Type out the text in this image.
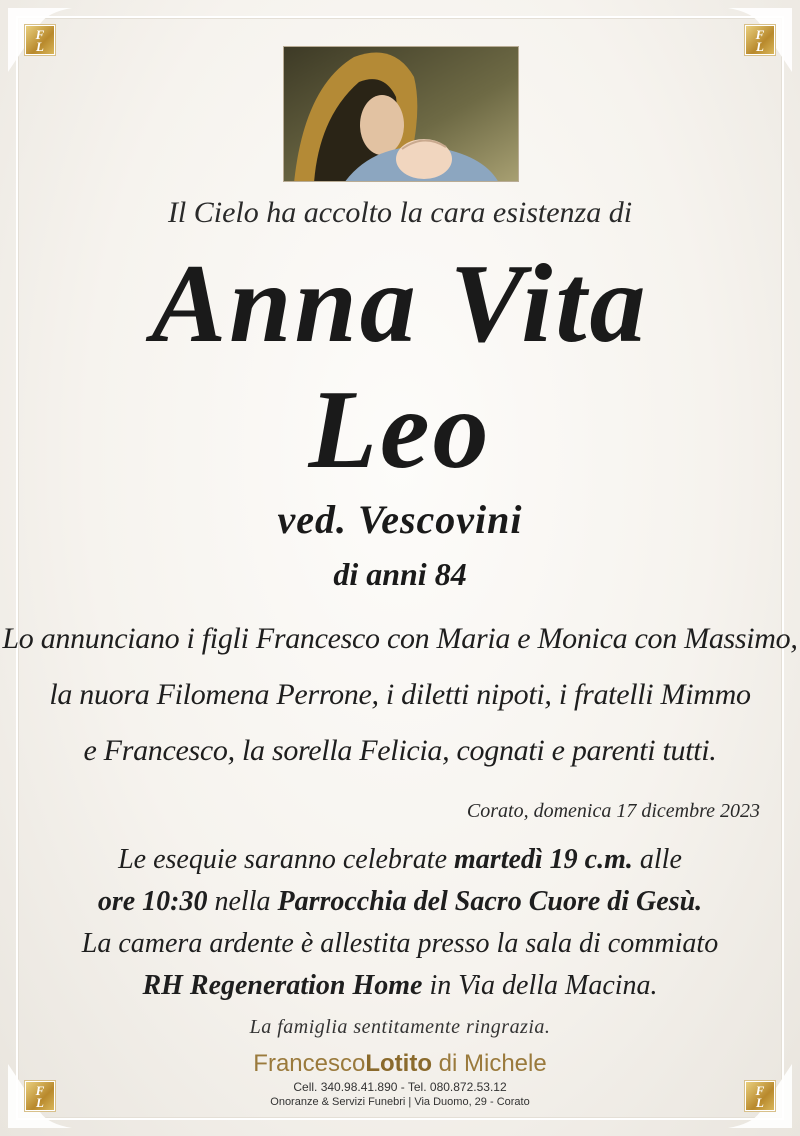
F
L
F
L
F
L
F
L
Il Cielo ha accolto la cara esistenza di
Anna Vita
Leo
ved. Vescovini
di anni 84
Lo annunciano i figli Francesco con Maria e Monica con Massimo,
la nuora Filomena Perrone, i diletti nipoti, i fratelli Mimmo
e Francesco, la sorella Felicia, cognati e parenti tutti.
Corato, domenica 17 dicembre 2023
Le esequie saranno celebrate martedì 19 c.m. alle
ore 10:30 nella Parrocchia del Sacro Cuore di Gesù.
La camera ardente è allestita presso la sala di commiato
RH Regeneration Home in Via della Macina.
La famiglia sentitamente ringrazia.
FrancescoLotito di Michele
Cell. 340.98.41.890 - Tel. 080.872.53.12
Onoranze & Servizi Funebri | Via Duomo, 29 - Corato
